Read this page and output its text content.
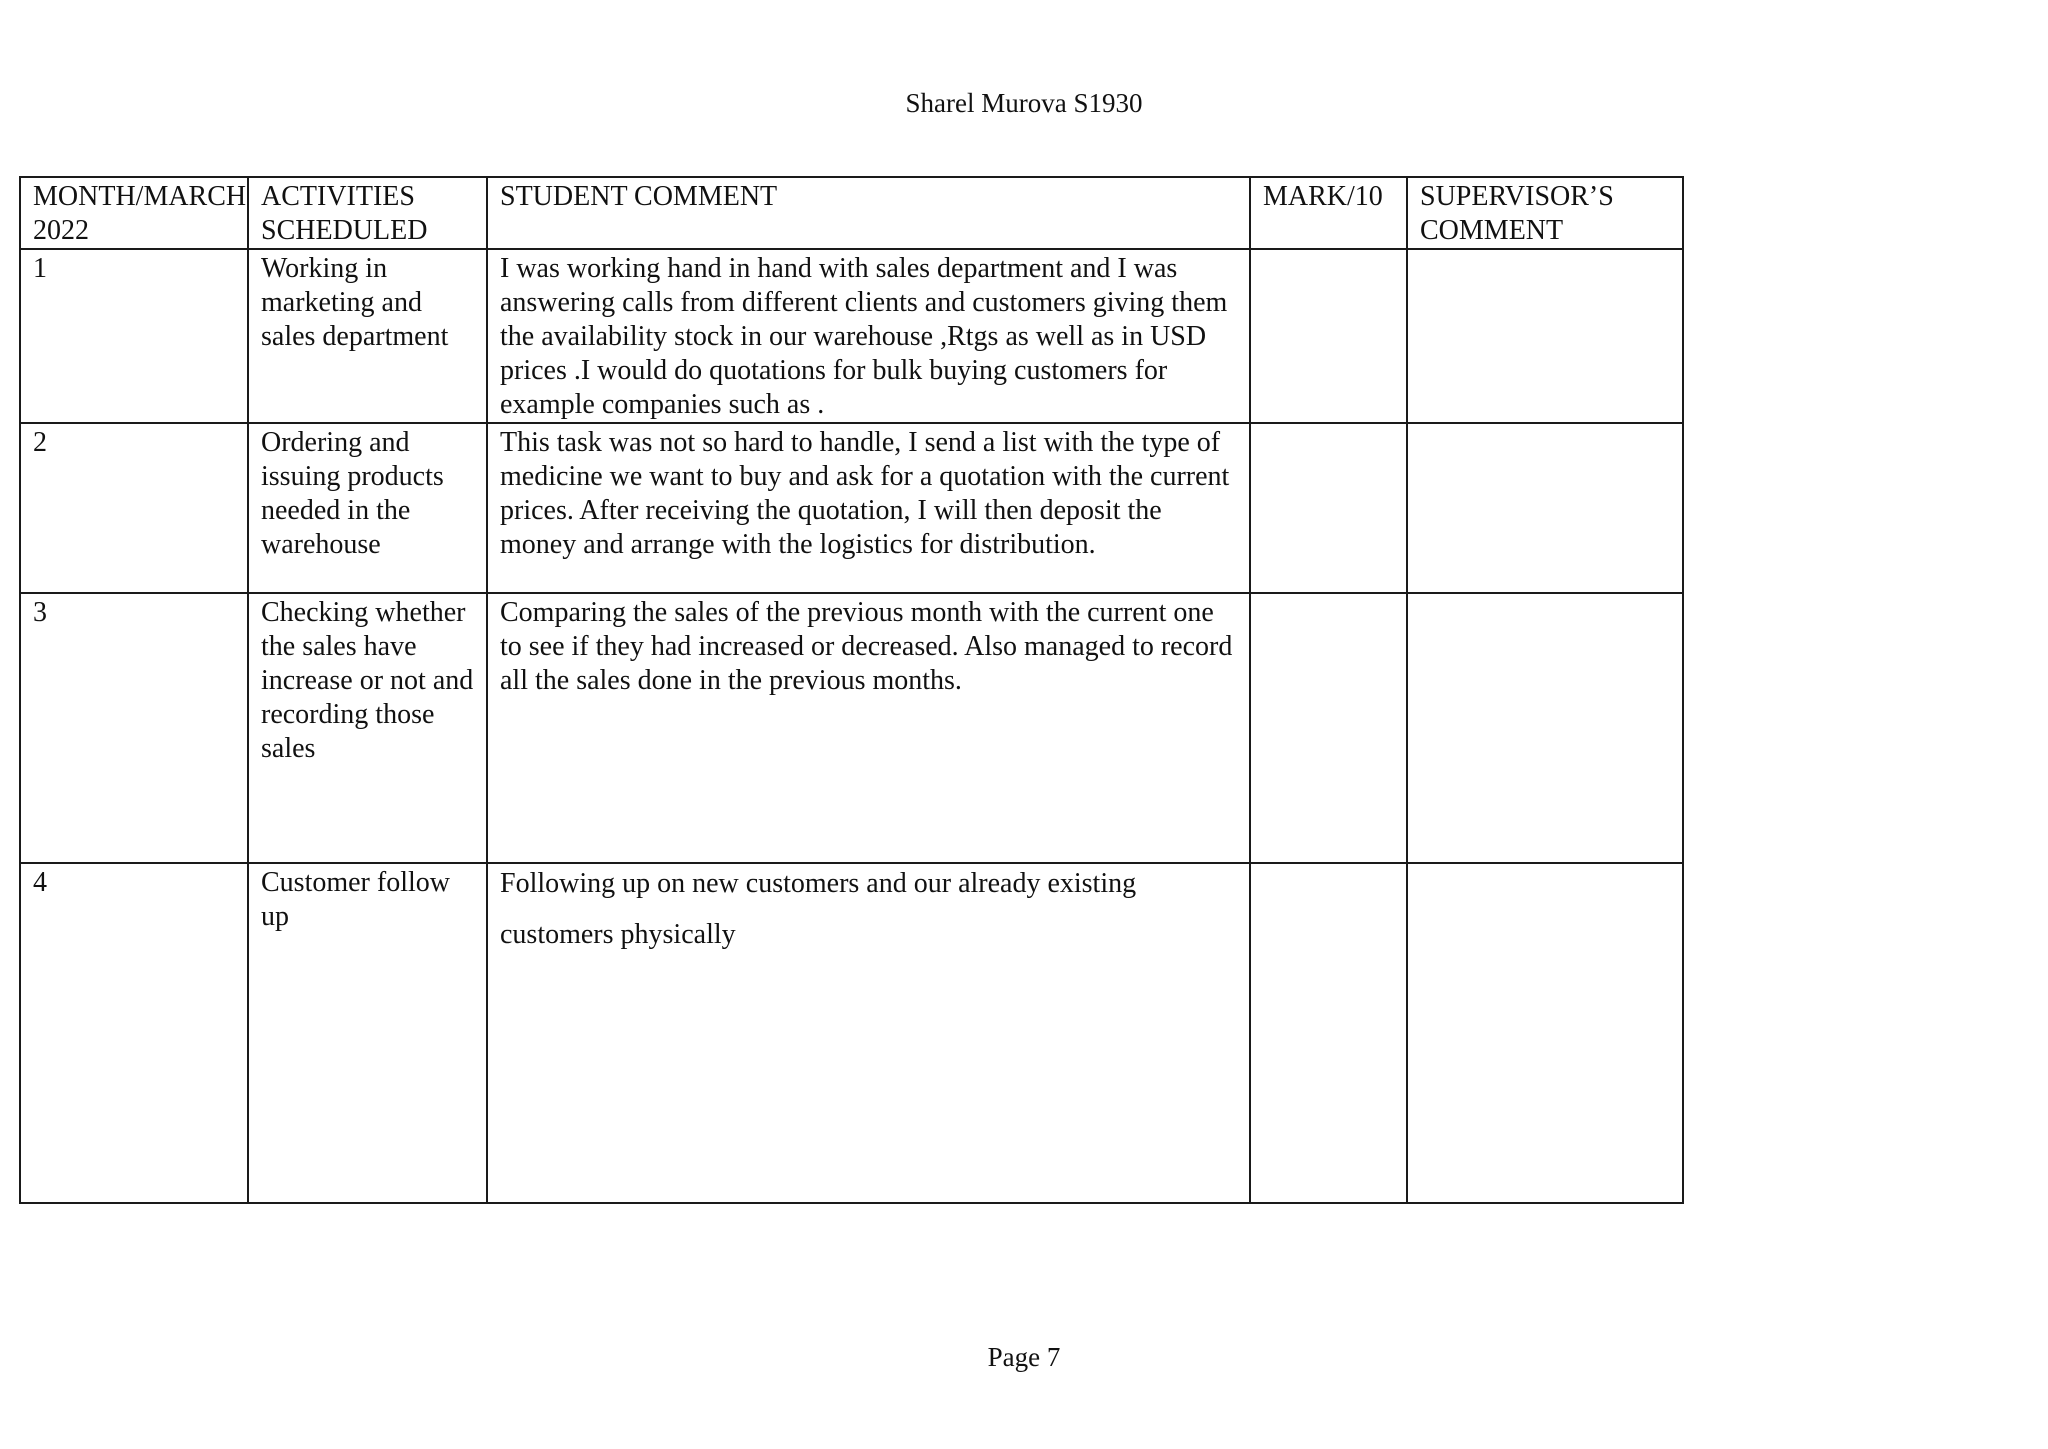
Sharel Murova S1930
MONTH/MARCH 2022	ACTIVITIES SCHEDULED	STUDENT COMMENT	MARK/10	SUPERVISOR’S COMMENT
1	Working in marketing and sales department	I was working hand in hand with sales department and I was answering calls from different clients and customers giving them the availability stock in our warehouse ,Rtgs as well as in USD prices .I would do quotations for bulk buying customers for example companies such as .		
2	Ordering and issuing products needed in the warehouse	This task was not so hard to handle, I send a list with the type of medicine we want to buy and ask for a quotation with the current prices. After receiving the quotation, I will then deposit the money and arrange with the logistics for distribution.		
3	Checking whether the sales have increase or not and recording those sales	Comparing the sales of the previous month with the current one to see if they had increased or decreased. Also managed to record all the sales done in the previous months.		
4	Customer follow up	Following up on new customers and our already existing customers physically		

Page 7
